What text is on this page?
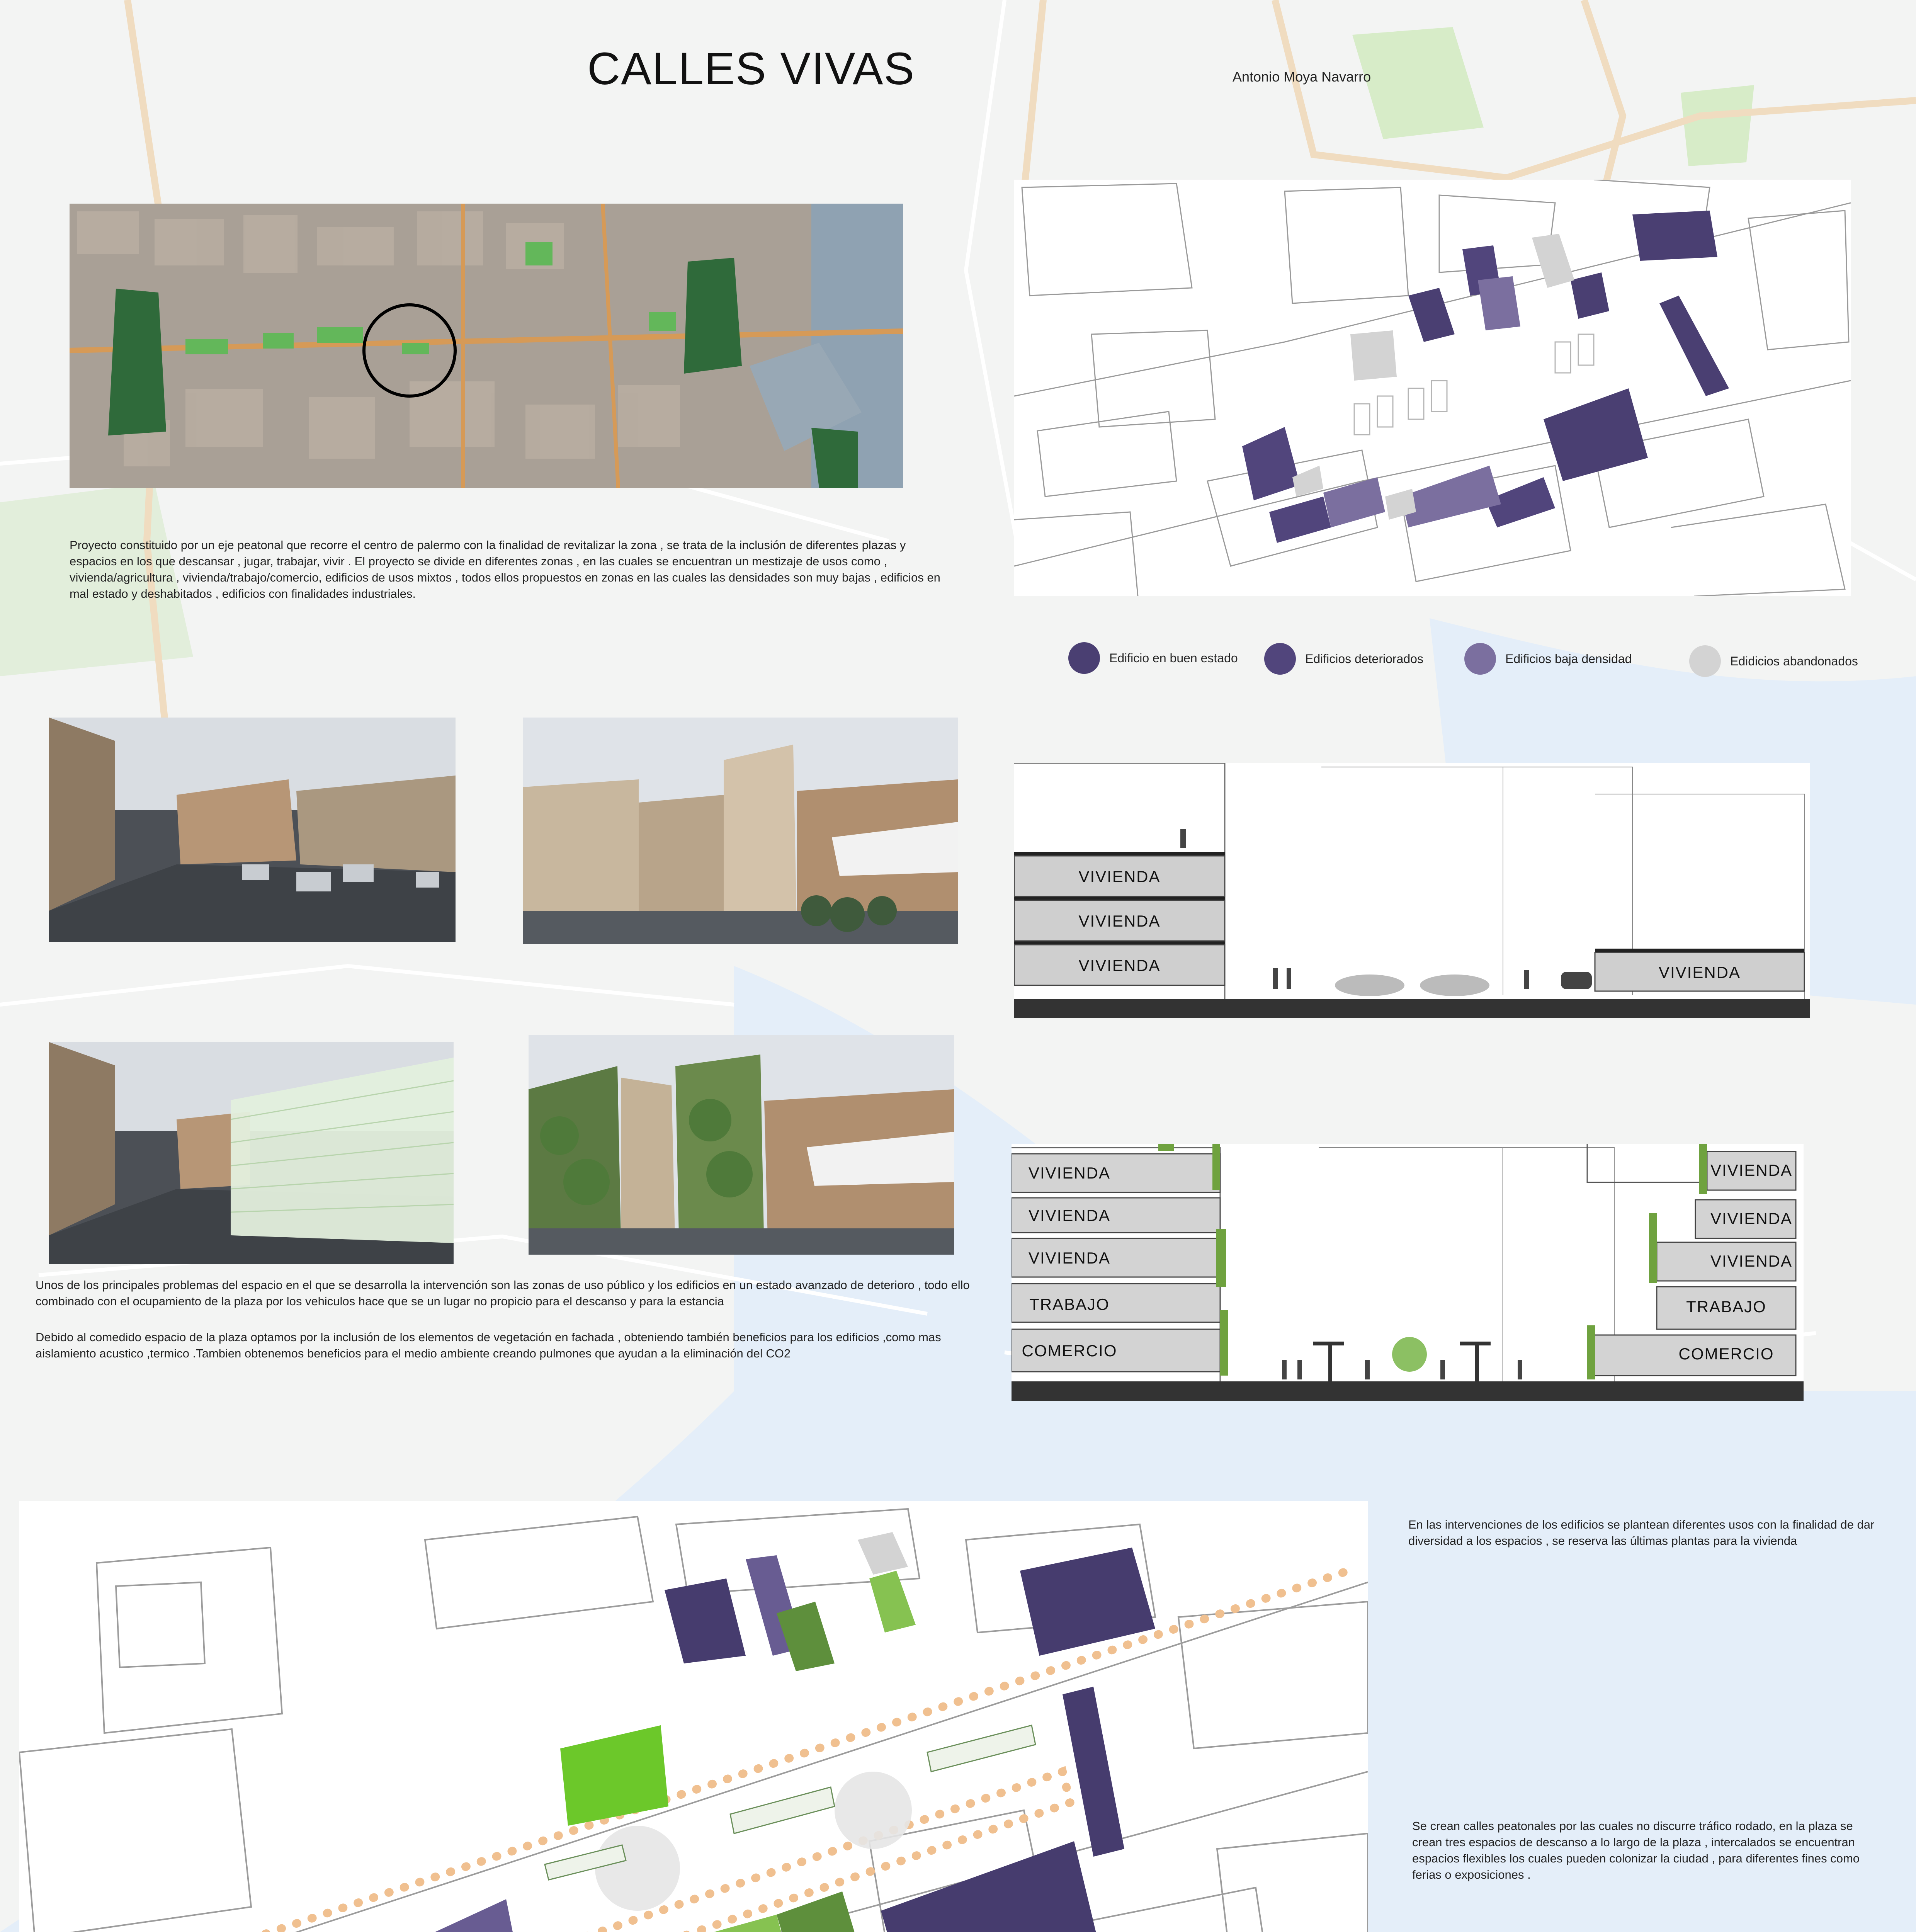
CALLES VIVAS	Antonio Moya Navarro
Proyecto constituido por un eje peatonal que recorre el centro de palermo con la finalidad de revitalizar la zona , se trata de la inclusión de diferentes plazas y espacios en los que descansar , jugar, trabajar, vivir . El proyecto se divide en diferentes zonas , en las cuales se encuentran un mestizaje de usos como , vivienda/agricultura , vivienda/trabajo/comercio, edificios de usos mixtos , todos ellos propuestos en zonas en las cuales las densidades son muy bajas , edificios en mal estado y deshabitados , edificios con finalidades industriales.
Edificio en buen estado	Edificios deteriorados	Edificios baja densidad	Edidicios abandonados
VIVIENDA
VIVIENDA
VIVIENDA	VIVIENDA
VIVIENDA
VIVIENDA
VIVIENDA
TRABAJO
COMERCIO
VIVIENDA
VIVIENDA
VIVIENDA
TRABAJO
COMERCIO
Unos de los principales problemas del espacio en el que se desarrolla la intervención son las zonas de uso público y los edificios en un estado avanzado de deterioro , todo ello combinado con el ocupamiento de la plaza por los vehiculos hace que se un lugar no propicio para el descanso y para la estancia
Debido al comedido espacio de la plaza optamos por la inclusión de los elementos de vegetación en fachada , obteniendo también beneficios para los edificios ,como mas aislamiento acustico ,termico .Tambien obtenemos beneficios para el medio ambiente creando pulmones que ayudan a la eliminación del CO2
En las intervenciones de los edificios se plantean diferentes usos con la finalidad de dar diversidad a los espacios , se reserva las últimas plantas para la vivienda
Se crean calles peatonales por las cuales no discurre tráfico rodado, en la plaza se crean tres espacios de descanso a lo largo de la plaza , intercalados se encuentran espacios flexibles los cuales pueden colonizar la ciudad , para diferentes fines como ferias o exposiciones .
